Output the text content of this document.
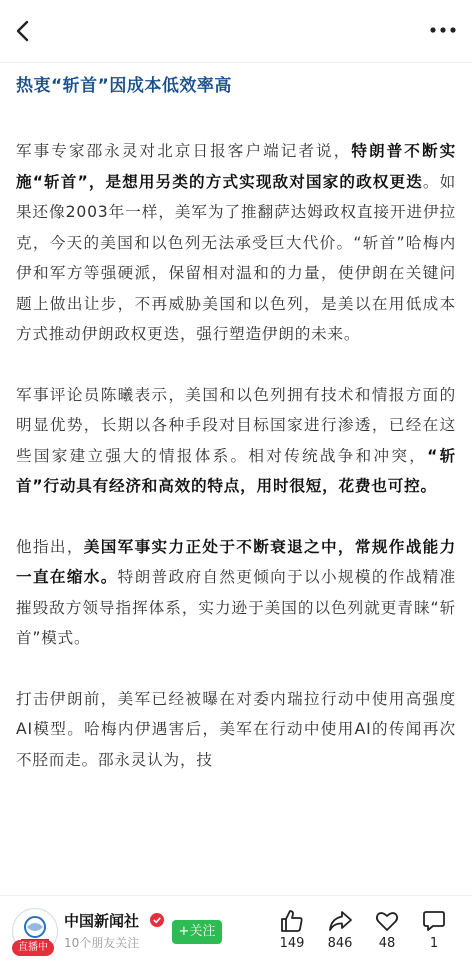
热衷“斩首”因成本低效率高

军事专家邵永灵对北京日报客户端记者说，特朗普不断实施“斩首”，是想用另类的方式实现敌对国家的政权更迭。如果还像2003年一样，美军为了推翻萨达姆政权直接开进伊拉克，今天的美国和以色列无法承受巨大代价。“斩首”哈梅内伊和军方等强硬派，保留相对温和的力量，使伊朗在关键问题上做出让步，不再威胁美国和以色列，是美以在用低成本方式推动伊朗政权更迭，强行塑造伊朗的未来。

军事评论员陈曦表示，美国和以色列拥有技术和情报方面的明显优势，长期以各种手段对目标国家进行渗透，已经在这些国家建立强大的情报体系。相对传统战争和冲突，“斩首”行动具有经济和高效的特点，用时很短，花费也可控。

他指出，美国军事实力正处于不断衰退之中，常规作战能力一直在缩水。特朗普政府自然更倾向于以小规模的作战精准摧毁敌方领导指挥体系，实力逊于美国的以色列就更青睐“斩首”模式。

打击伊朗前，美军已经被曝在对委内瑞拉行动中使用高强度AI模型。哈梅内伊遇害后，美军在行动中使用AI的传闻再次不胫而走。邵永灵认为，技

直播中
中国新闻社
10个朋友关注
+关注
149	846	48	1
